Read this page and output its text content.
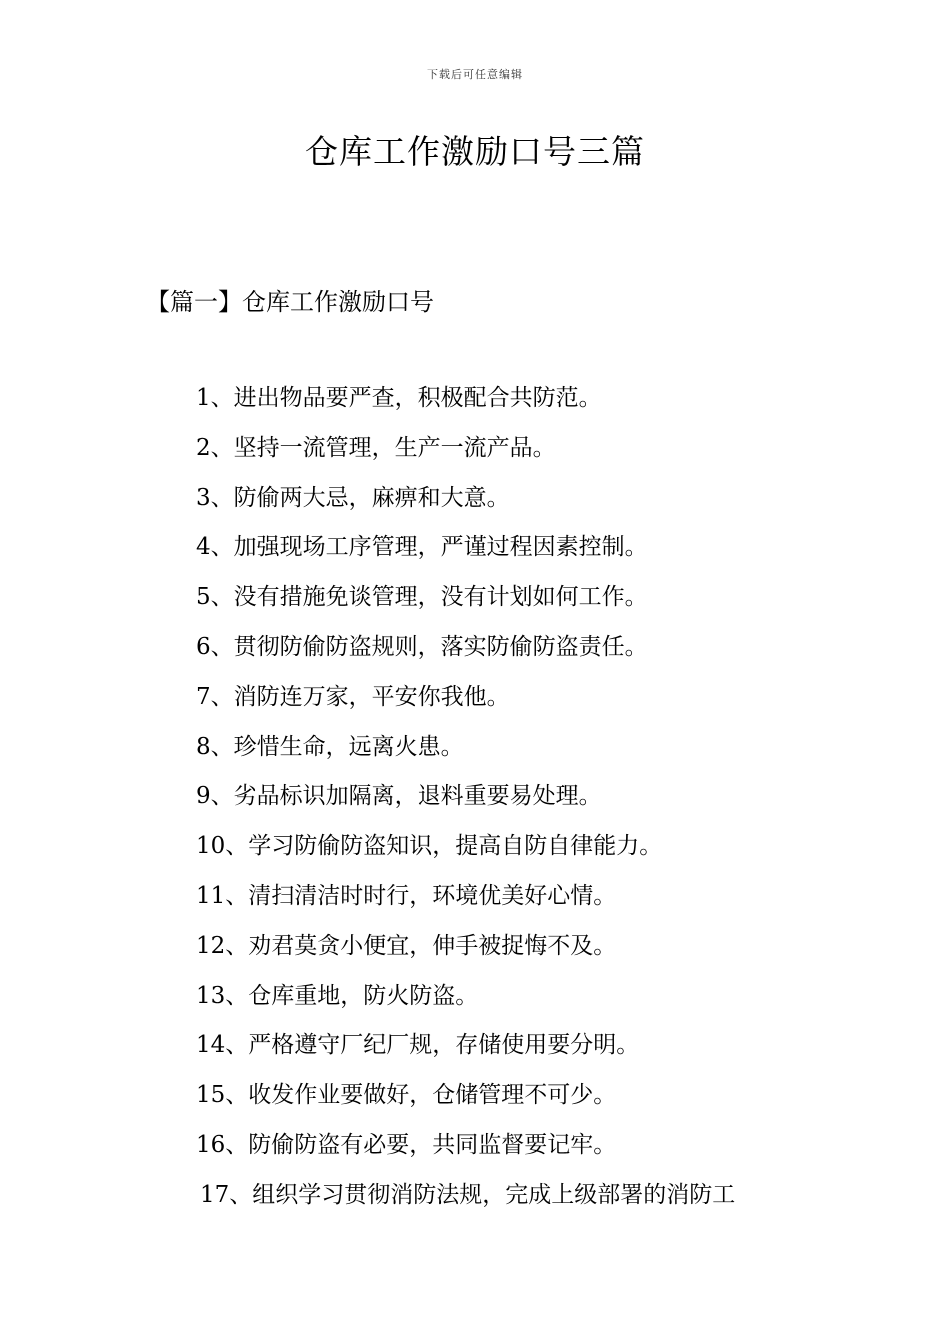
下载后可任意编辑
仓库工作激励口号三篇
【篇一】仓库工作激励口号
1、进出物品要严查，积极配合共防范。
2、坚持一流管理，生产一流产品。
3、防偷两大忌，麻痹和大意。
4、加强现场工序管理，严谨过程因素控制。
5、没有措施免谈管理，没有计划如何工作。
6、贯彻防偷防盗规则，落实防偷防盗责任。
7、消防连万家，平安你我他。
8、珍惜生命，远离火患。
9、劣品标识加隔离，退料重要易处理。
10、学习防偷防盗知识，提高自防自律能力。
11、清扫清洁时时行，环境优美好心情。
12、劝君莫贪小便宜，伸手被捉悔不及。
13、仓库重地，防火防盗。
14、严格遵守厂纪厂规，存储使用要分明。
15、收发作业要做好，仓储管理不可少。
16、防偷防盗有必要，共同监督要记牢。
17、组织学习贯彻消防法规，完成上级部署的消防工
